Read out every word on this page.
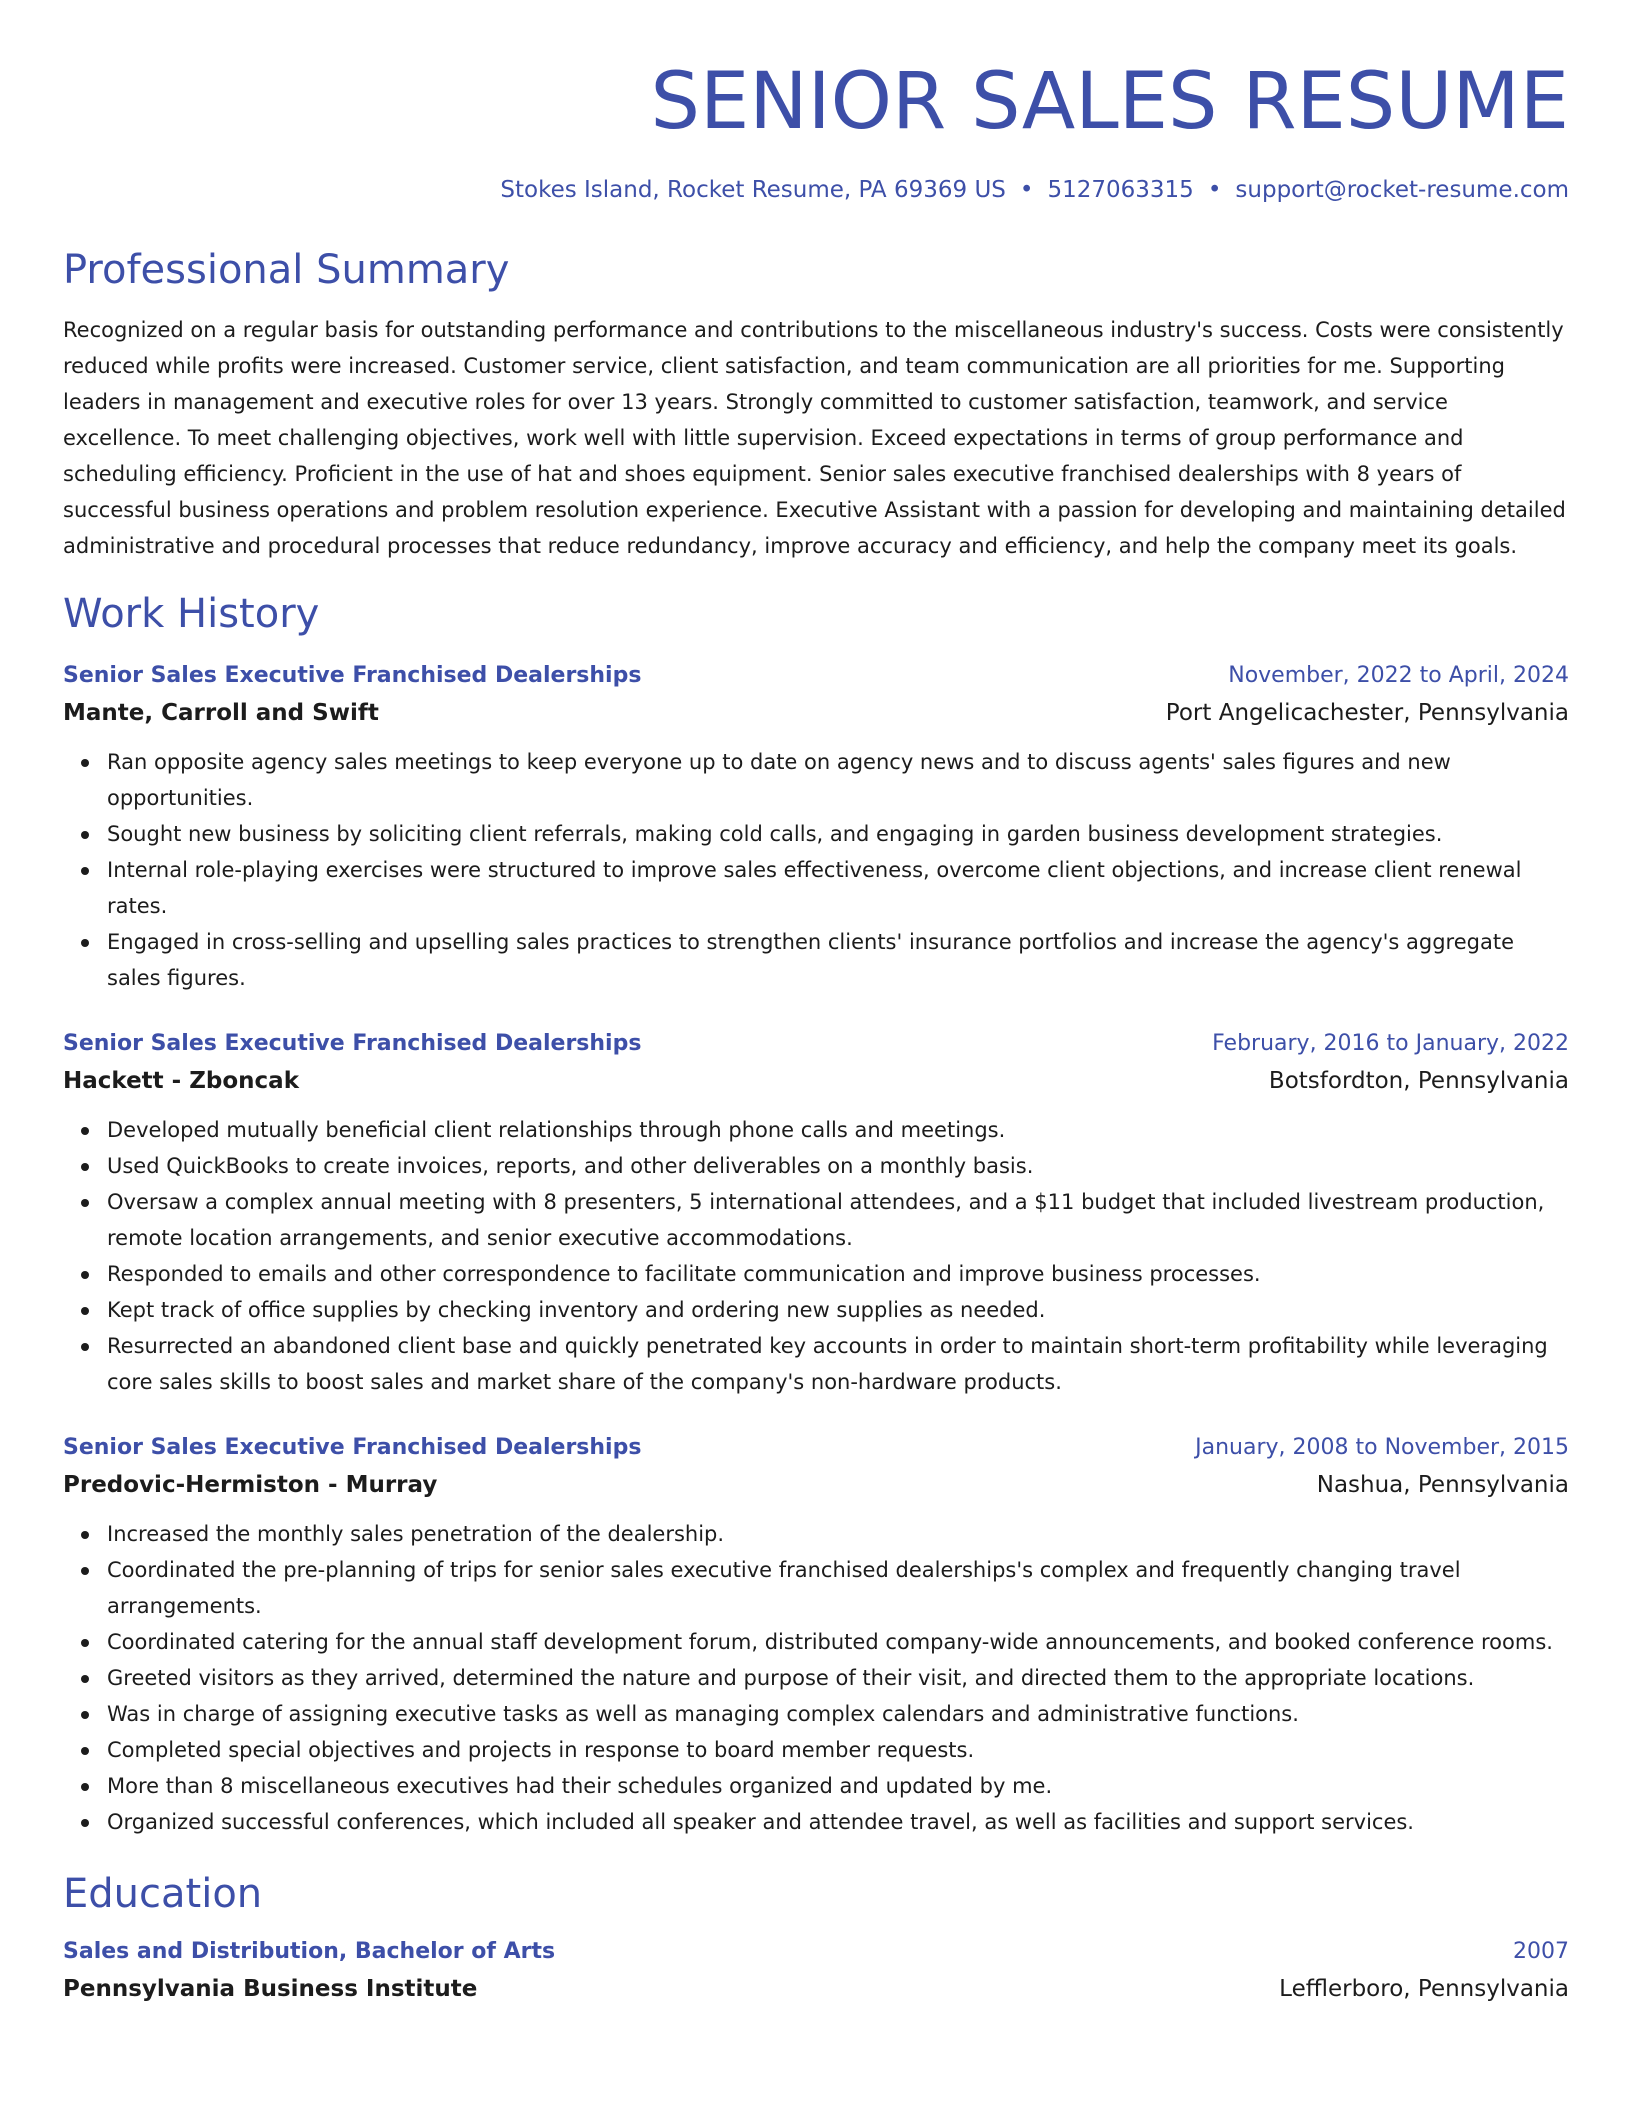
SENIOR SALES RESUME
Stokes Island, Rocket Resume, PA 69369 US • 5127063315 • support@rocket-resume.com
Professional Summary

Recognized on a regular basis for outstanding performance and contributions to the miscellaneous industry's success. Costs were consistently reduced while profits were increased. Customer service, client satisfaction, and team communication are all priorities for me. Supporting leaders in management and executive roles for over 13 years. Strongly committed to customer satisfaction, teamwork, and service excellence. To meet challenging objectives, work well with little supervision. Exceed expectations in terms of group performance and scheduling efficiency. Proficient in the use of hat and shoes equipment. Senior sales executive franchised dealerships with 8 years of successful business operations and problem resolution experience. Executive Assistant with a passion for developing and maintaining detailed administrative and procedural processes that reduce redundancy, improve accuracy and efficiency, and help the company meet its goals.

Work History
Senior Sales Executive Franchised Dealerships	November, 2022 to April, 2024
Mante, Carroll and Swift	Port Angelicachester, Pennsylvania
Ran opposite agency sales meetings to keep everyone up to date on agency news and to discuss agents' sales figures and new opportunities.
Sought new business by soliciting client referrals, making cold calls, and engaging in garden business development strategies.
Internal role-playing exercises were structured to improve sales effectiveness, overcome client objections, and increase client renewal rates.
Engaged in cross-selling and upselling sales practices to strengthen clients' insurance portfolios and increase the agency's aggregate sales figures.
Senior Sales Executive Franchised Dealerships	February, 2016 to January, 2022
Hackett - Zboncak	Botsfordton, Pennsylvania
Developed mutually beneficial client relationships through phone calls and meetings.
Used QuickBooks to create invoices, reports, and other deliverables on a monthly basis.
Oversaw a complex annual meeting with 8 presenters, 5 international attendees, and a $11 budget that included livestream production, remote location arrangements, and senior executive accommodations.
Responded to emails and other correspondence to facilitate communication and improve business processes.
Kept track of office supplies by checking inventory and ordering new supplies as needed.
Resurrected an abandoned client base and quickly penetrated key accounts in order to maintain short-term profitability while leveraging core sales skills to boost sales and market share of the company's non-hardware products.
Senior Sales Executive Franchised Dealerships	January, 2008 to November, 2015
Predovic-Hermiston - Murray	Nashua, Pennsylvania
Increased the monthly sales penetration of the dealership.
Coordinated the pre-planning of trips for senior sales executive franchised dealerships's complex and frequently changing travel arrangements.
Coordinated catering for the annual staff development forum, distributed company-wide announcements, and booked conference rooms.
Greeted visitors as they arrived, determined the nature and purpose of their visit, and directed them to the appropriate locations.
Was in charge of assigning executive tasks as well as managing complex calendars and administrative functions.
Completed special objectives and projects in response to board member requests.
More than 8 miscellaneous executives had their schedules organized and updated by me.
Organized successful conferences, which included all speaker and attendee travel, as well as facilities and support services.
Education
Sales and Distribution, Bachelor of Arts	2007
Pennsylvania Business Institute	Lefflerboro, Pennsylvania
